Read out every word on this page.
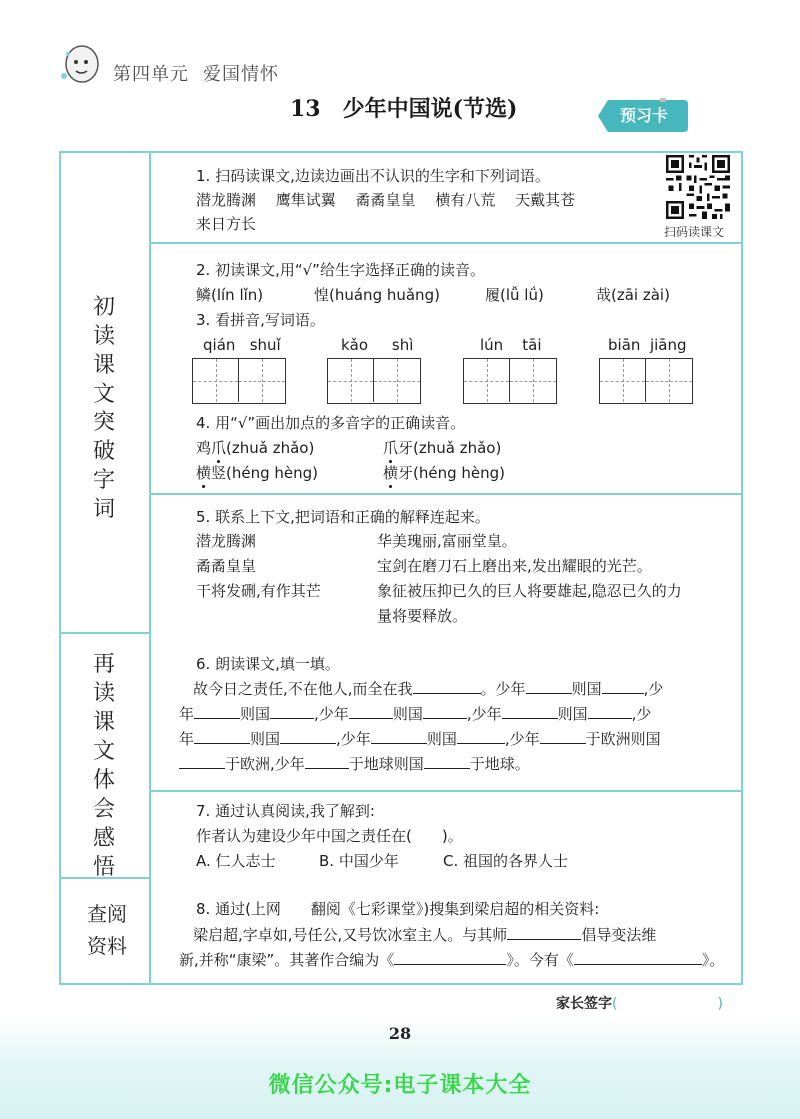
第四单元 爱国情怀
13 少年中国说(节选)	预习卡
初
读
课
文
突
破
字
词
再
读
课
文
体
会
感
悟
查阅
资料
扫码读课文
1. 扫码读课文,边读边画出不认识的生字和下列词语。
潜龙腾渊　 鹰隼试翼　 矞矞皇皇　 横有八荒　 天戴其苍
来日方长
2. 初读课文,用“√”给生字选择正确的读音。
鳞(lín lǐn)	惶(huáng huǎng)	履(lǚ lǘ)	哉(zāi zài)
3. 看拼音,写词语。
qián shuǐ	kǎo shì	lún tāi	biān jiāng
4. 用“√”画出加点的多音字的正确读音。
鸡爪(zhuǎ zhǎo)	爪牙(zhuǎ zhǎo)
横竖(héng hèng)	横牙(héng hèng)
5. 联系上下文,把词语和正确的解释连起来。
潜龙腾渊
矞矞皇皇
干将发硎,有作其芒
华美瑰丽,富丽堂皇。
宝剑在磨刀石上磨出来,发出耀眼的光芒。
象征被压抑已久的巨人将要雄起,隐忍已久的力
量将要释放。
6. 朗读课文,填一填。
故今日之责任,不在他人,而全在我	。少年	则国	,少
年	则国	,少年	则国	,少年	则国	,少
年	则国	,少年	则国	,少年	于欧洲则国
于欧洲,少年	于地球则国	于地球。
7. 通过认真阅读,我了解到:
作者认为建设少年中国之责任在(　　)。
A. 仁人志士	B. 中国少年	C. 祖国的各界人士
8. 通过(上网　　翻阅《七彩课堂》)搜集到梁启超的相关资料:
梁启超,字卓如,号任公,又号饮冰室主人。与其师	倡导变法维
新,并称“康梁”。其著作合编为《	》。今有《	》。
家长签字(	)
28
微信公众号:电子课本大全
